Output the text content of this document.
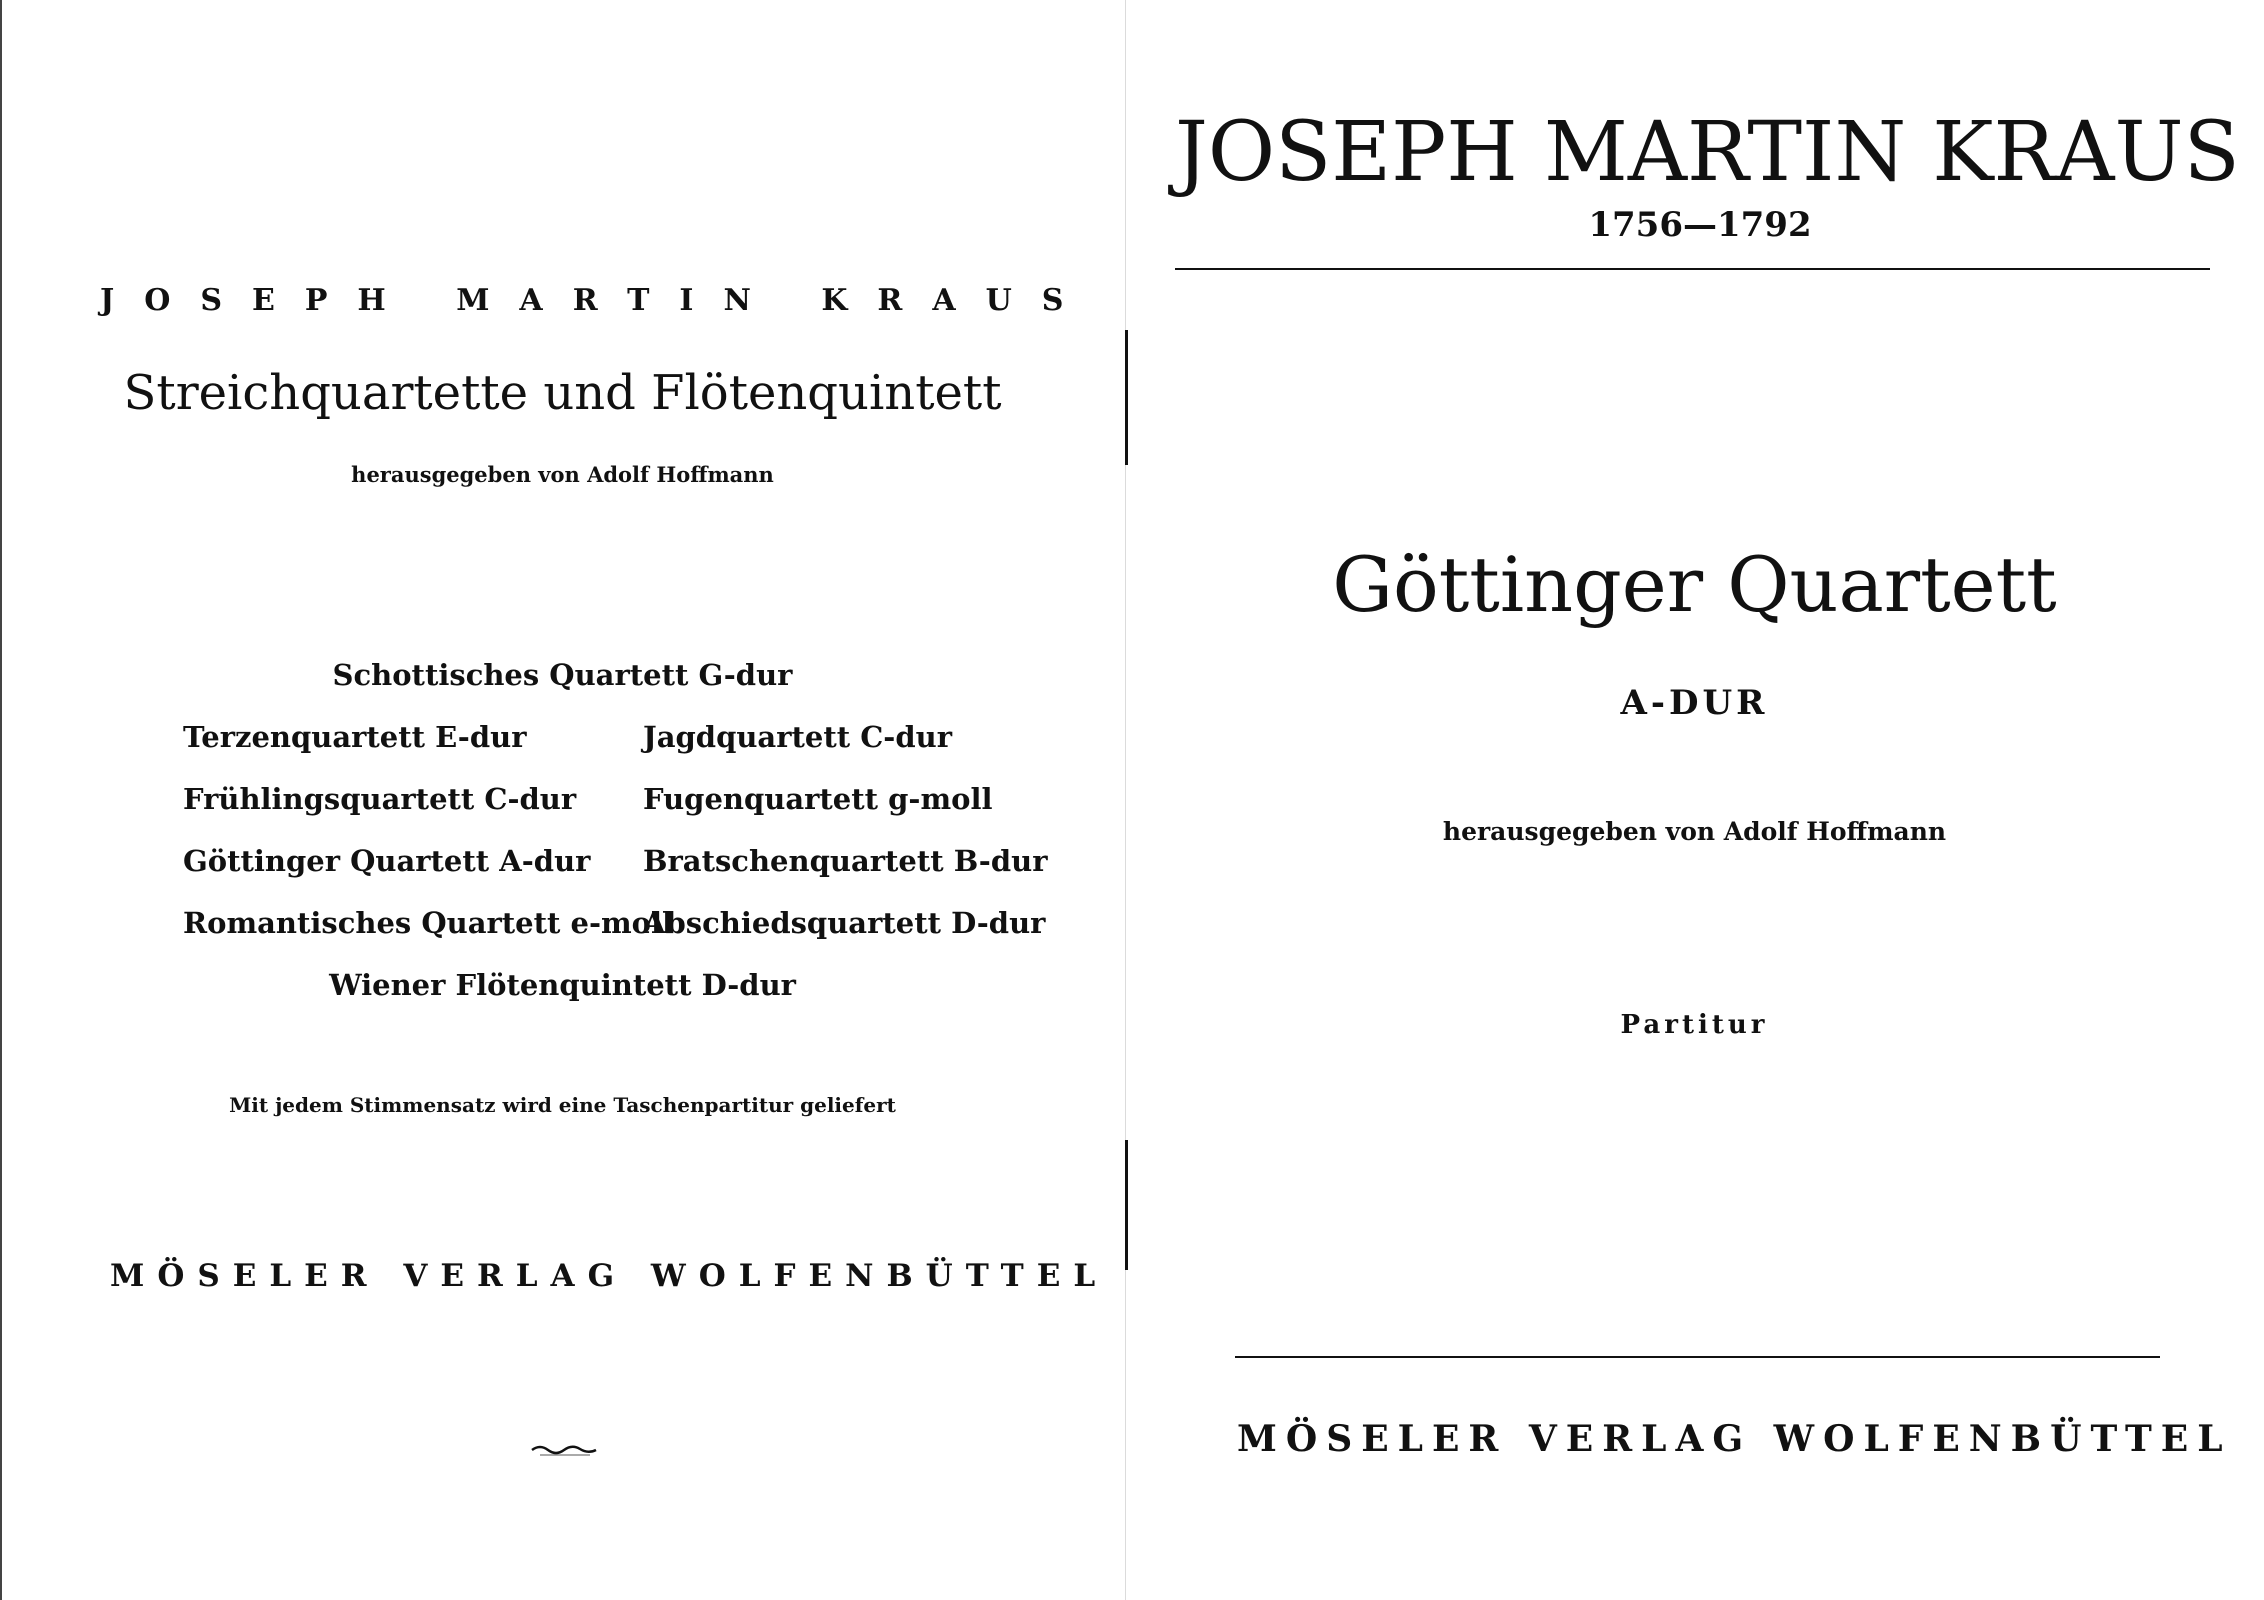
JOSEPH MARTIN KRAUS
Streichquartette und Flötenquintett
herausgegeben von Adolf Hoffmann
Schottisches Quartett G-dur
Terzenquartett E-dur
Frühlingsquartett C-dur
Göttinger Quartett A-dur
Romantisches Quartett e-moll
Jagdquartett C-dur
Fugenquartett g-moll
Bratschenquartett B-dur
Abschiedsquartett D-dur
Wiener Flötenquintett D-dur
Mit jedem Stimmensatz wird eine Taschenpartitur geliefert
MÖSELER VERLAG WOLFENBÜTTEL
JOSEPH MARTIN KRAUS
1756—1792
Göttinger Quartett
A-DUR
herausgegeben von Adolf Hoffmann
Partitur
MÖSELER VERLAG WOLFENBÜTTEL
